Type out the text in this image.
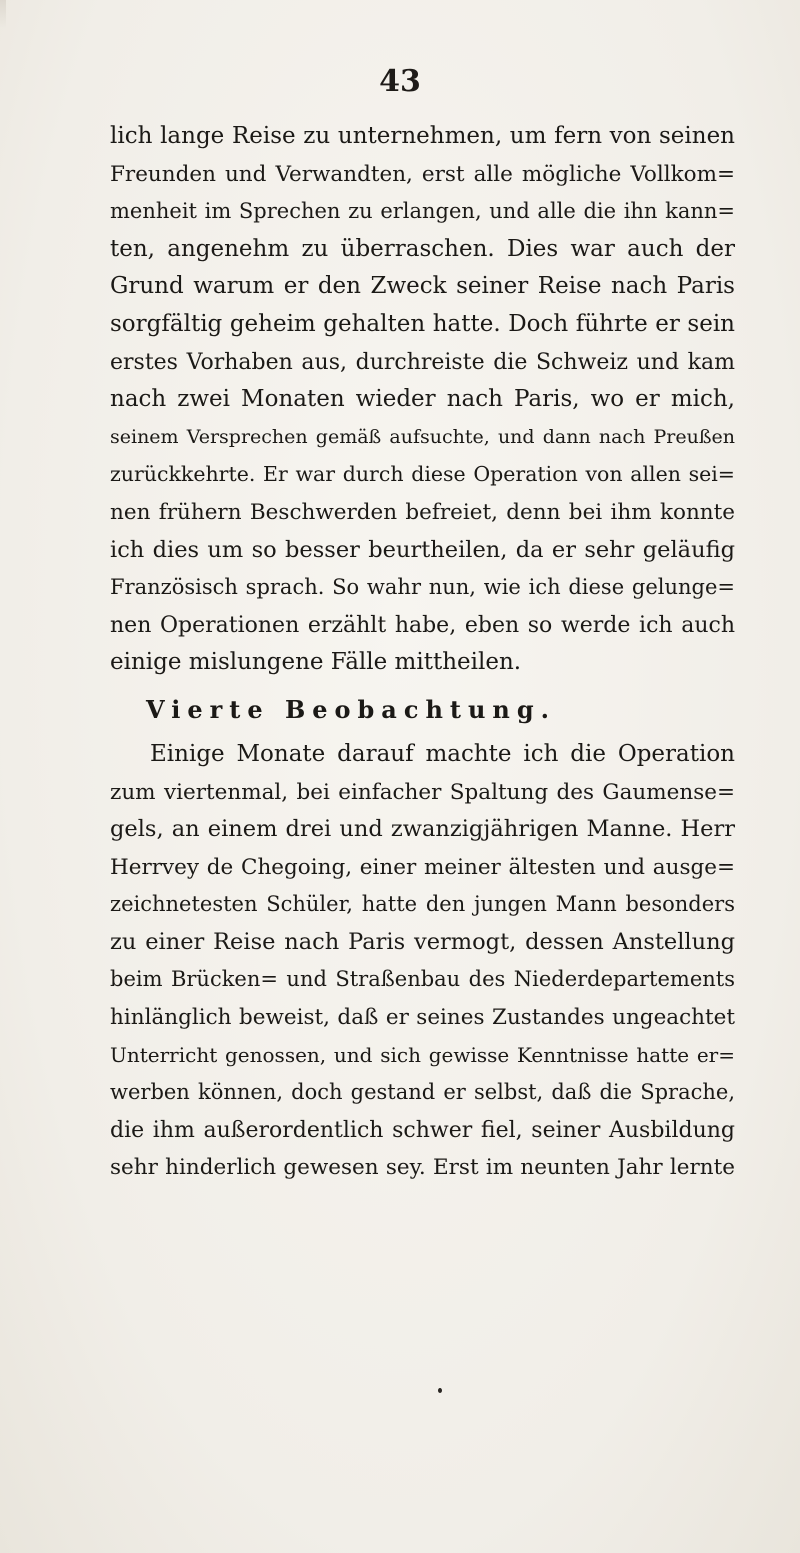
43
lich lange Reise zu unternehmen, um fern von seinen
Freunden und Verwandten, erst alle mögliche Vollkom=
menheit im Sprechen zu erlangen, und alle die ihn kann=
ten, angenehm zu überraschen. Dies war auch der
Grund warum er den Zweck seiner Reise nach Paris
sorgfältig geheim gehalten hatte. Doch führte er sein
erstes Vorhaben aus, durchreiste die Schweiz und kam
nach zwei Monaten wieder nach Paris, wo er mich,
seinem Versprechen gemäß aufsuchte, und dann nach Preußen
zurückkehrte. Er war durch diese Operation von allen sei=
nen frühern Beschwerden befreiet, denn bei ihm konnte
ich dies um so besser beurtheilen, da er sehr geläufig
Französisch sprach. So wahr nun, wie ich diese gelunge=
nen Operationen erzählt habe, eben so werde ich auch
einige mislungene Fälle mittheilen.
Vierte Beobachtung.
Einige Monate darauf machte ich die Operation
zum viertenmal, bei einfacher Spaltung des Gaumense=
gels, an einem drei und zwanzigjährigen Manne. Herr
Herrvey de Chegoing, einer meiner ältesten und ausge=
zeichnetesten Schüler, hatte den jungen Mann besonders
zu einer Reise nach Paris vermogt, dessen Anstellung
beim Brücken= und Straßenbau des Niederdepartements
hinlänglich beweist, daß er seines Zustandes ungeachtet
Unterricht genossen, und sich gewisse Kenntnisse hatte er=
werben können, doch gestand er selbst, daß die Sprache,
die ihm außerordentlich schwer fiel, seiner Ausbildung
sehr hinderlich gewesen sey. Erst im neunten Jahr lernte
